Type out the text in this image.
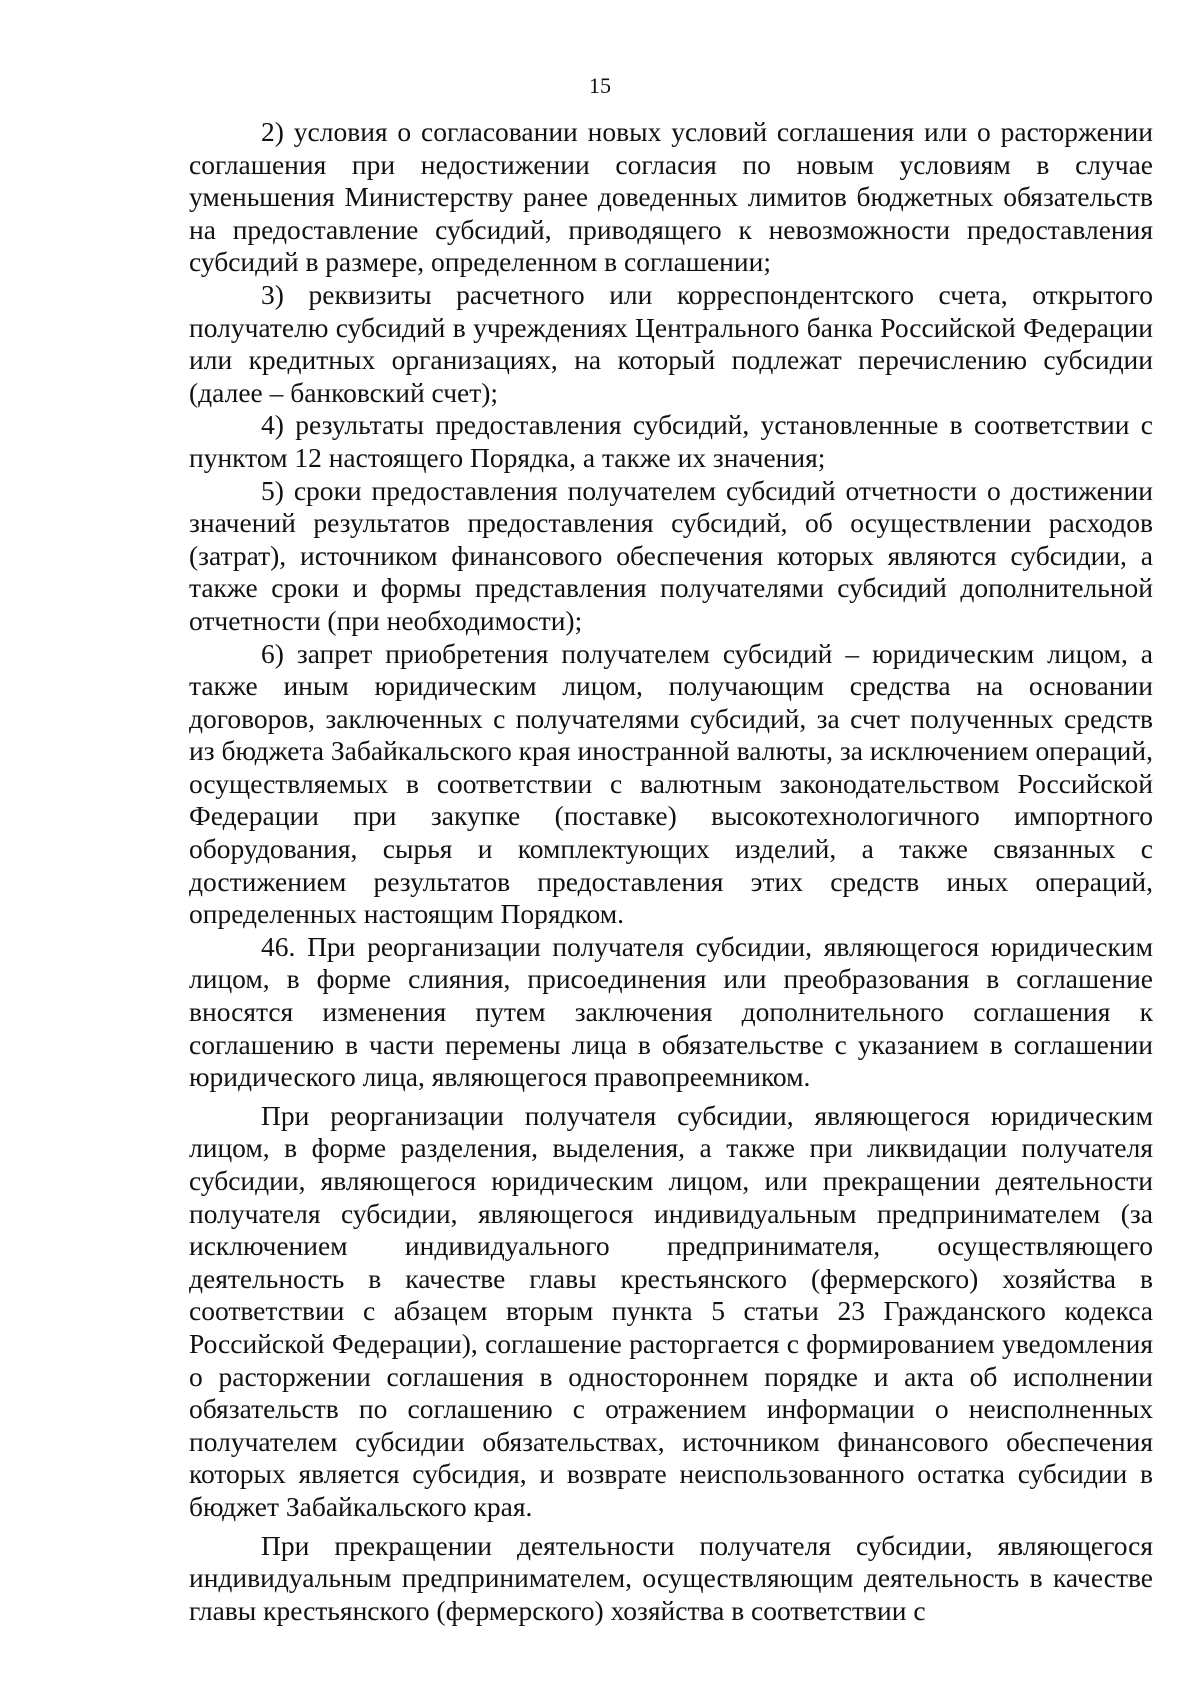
15

2) условия о согласовании новых условий соглашения или о расторжении соглашения при недостижении согласия по новым условиям в случае уменьшения Министерству ранее доведенных лимитов бюджетных обязательств на предоставление субсидий, приводящего к невозможности предоставления субсидий в размере, определенном в соглашении;

3) реквизиты расчетного или корреспондентского счета, открытого получателю субсидий в учреждениях Центрального банка Российской Федерации или кредитных организациях, на который подлежат перечислению субсидии (далее – банковский счет);

4) результаты предоставления субсидий, установленные в соответствии с пунктом 12 настоящего Порядка, а также их значения;

5) сроки предоставления получателем субсидий отчетности о достижении значений результатов предоставления субсидий, об осуществлении расходов (затрат), источником финансового обеспечения которых являются субсидии, а также сроки и формы представления получателями субсидий дополнительной отчетности (при необходимости);

6) запрет приобретения получателем субсидий – юридическим лицом, а также иным юридическим лицом, получающим средства на основании договоров, заключенных с получателями субсидий, за счет полученных средств из бюджета Забайкальского края иностранной валюты, за исключением операций, осуществляемых в соответствии с валютным законодательством Российской Федерации при закупке (поставке) высокотехнологичного импортного оборудования, сырья и комплектующих изделий, а также связанных с достижением результатов предоставления этих средств иных операций, определенных настоящим Порядком.

46. При реорганизации получателя субсидии, являющегося юридическим лицом, в форме слияния, присоединения или преобразования в соглашение вносятся изменения путем заключения дополнительного соглашения к соглашению в части перемены лица в обязательстве с указанием в соглашении юридического лица, являющегося правопреемником.

При реорганизации получателя субсидии, являющегося юридическим лицом, в форме разделения, выделения, а также при ликвидации получателя субсидии, являющегося юридическим лицом, или прекращении деятельности получателя субсидии, являющегося индивидуальным предпринимателем (за исключением индивидуального предпринимателя, осуществляющего деятельность в качестве главы крестьянского (фермерского) хозяйства в соответствии с абзацем вторым пункта 5 статьи 23 Гражданского кодекса Российской Федерации), соглашение расторгается с формированием уведомления о расторжении соглашения в одностороннем порядке и акта об исполнении обязательств по соглашению с отражением информации о неисполненных получателем субсидии обязательствах, источником финансового обеспечения которых является субсидия, и возврате неиспользованного остатка субсидии в бюджет Забайкальского края.

При прекращении деятельности получателя субсидии, являющегося индивидуальным предпринимателем, осуществляющим деятельность в качестве главы крестьянского (фермерского) хозяйства в соответствии с
